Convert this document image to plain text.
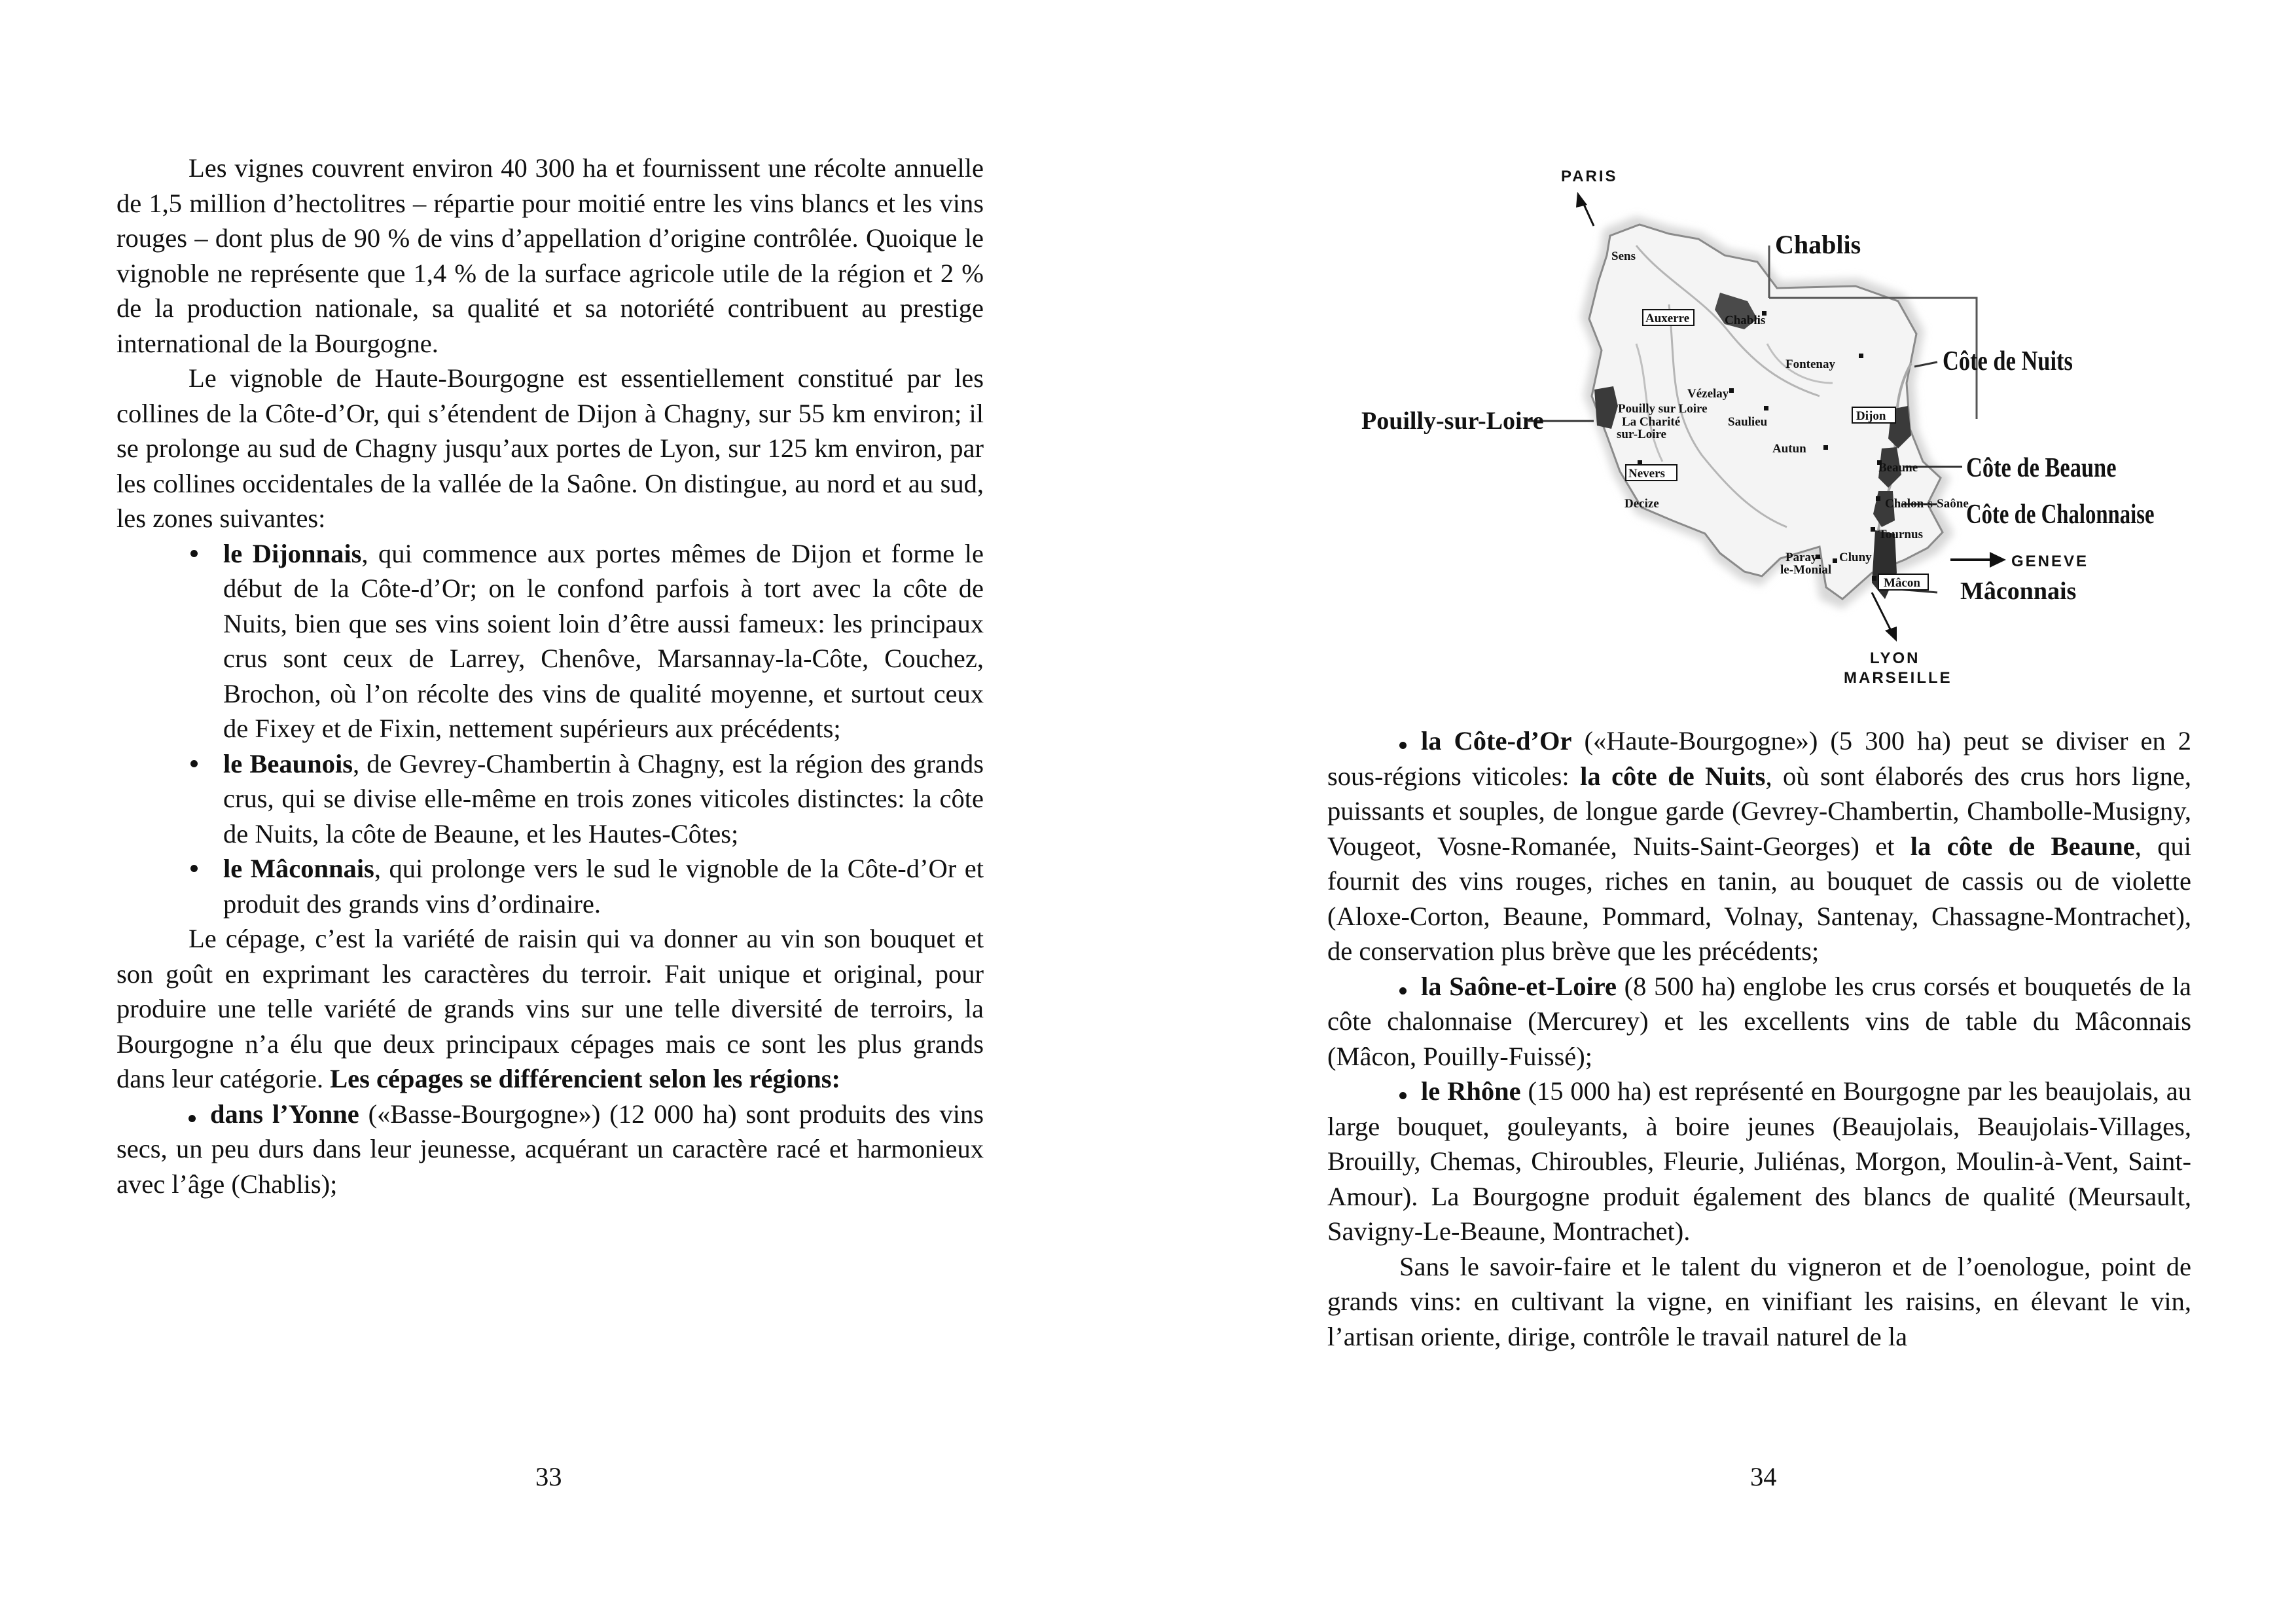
Les vignes couvrent environ 40 300 ha et fournissent une récolte annuelle de 1,5 million d’hectolitres – répartie pour moitié entre les vins blancs et les vins rouges – dont plus de 90 % de vins d’appellation d’origine contrôlée. Quoique le vignoble ne représente que 1,4 % de la surface agricole utile de la région et 2 % de la production nationale, sa qualité et sa notoriété contribuent au prestige international de la Bourgogne.

Le vignoble de Haute-Bourgogne est essentiellement constitué par les collines de la Côte-d’Or, qui s’étendent de Dijon à Chagny, sur 55 km environ; il se prolonge au sud de Chagny jusqu’aux portes de Lyon, sur 125 km environ, par les collines occidentales de la vallée de la Saône. On distingue, au nord et au sud, les zones suivantes:

le Dijonnais, qui commence aux portes mêmes de Dijon et forme le début de la Côte-d’Or; on le confond parfois à tort avec la côte de Nuits, bien que ses vins soient loin d’être aussi fameux: les principaux crus sont ceux de Larrey, Chenôve, Marsannay-la-Côte, Couchez, Brochon, où l’on récolte des vins de qualité moyenne, et surtout ceux de Fixey et de Fixin, nettement supérieurs aux précédents;
le Beaunois, de Gevrey-Chambertin à Chagny, est la région des grands crus, qui se divise elle-même en trois zones viticoles distinctes: la côte de Nuits, la côte de Beaune, et les Hautes-Côtes;
le Mâconnais, qui prolonge vers le sud le vignoble de la Côte-d’Or et produit des grands vins d’ordinaire.

Le cépage, c’est la variété de raisin qui va donner au vin son bouquet et son goût en exprimant les caractères du terroir. Fait unique et original, pour produire une telle variété de grands vins sur une telle diversité de terroirs, la Bourgogne n’a élu que deux principaux cépages mais ce sont les plus grands dans leur catégorie. Les cépages se différencient selon les régions:

dans l’Yonne («Basse-Bourgogne») (12 000 ha) sont produits des vins secs, un peu durs dans leur jeunesse, acquérant un caractère racé et harmonieux avec l’âge (Chablis);

33
PARIS
GENEVE
LYON
MARSEILLE
Chablis
Côte de Nuits
Pouilly-sur-Loire
Côte de Beaune
Côte de Chalonnaise
Mâconnais
Sens
Auxerre	Chablis
Fontenay
Vézelay
Pouilly sur Loire
La Charité
sur-Loire
Saulieu	Dijon
Autun
Nevers	Beaune
Decize	Chalon-s-Saône
Tournus
Paray-
le-Monial
Cluny
Mâcon

la Côte-d’Or («Haute-Bourgogne») (5 300 ha) peut se diviser en 2 sous-régions viticoles: la côte de Nuits, où sont élaborés des crus hors ligne, puissants et souples, de longue garde (Gevrey-Chambertin, Chambolle-Musigny, Vougeot, Vosne-Romanée, Nuits-Saint-Georges) et la côte de Beaune, qui fournit des vins rouges, riches en tanin, au bouquet de cassis ou de violette (Aloxe-Corton, Beaune, Pommard, Volnay, Santenay, Chassagne-Montrachet), de conservation plus brève que les précédents;

la Saône-et-Loire (8 500 ha) englobe les crus corsés et bouquetés de la côte chalonnaise (Mercurey) et les excellents vins de table du Mâconnais (Mâcon, Pouilly-Fuissé);

le Rhône (15 000 ha) est représenté en Bourgogne par les beaujolais, au large bouquet, gouleyants, à boire jeunes (Beaujolais, Beaujolais-Villages, Brouilly, Chemas, Chiroubles, Fleurie, Juliénas, Morgon, Moulin-à-Vent, Saint-Amour). La Bourgogne produit également des blancs de qualité (Meursault, Savigny-Le-Beaune, Montrachet).

Sans le savoir-faire et le talent du vigneron et de l’oenologue, point de grands vins: en cultivant la vigne, en vinifiant les raisins, en élevant le vin, l’artisan oriente, dirige, contrôle le travail naturel de la

34
